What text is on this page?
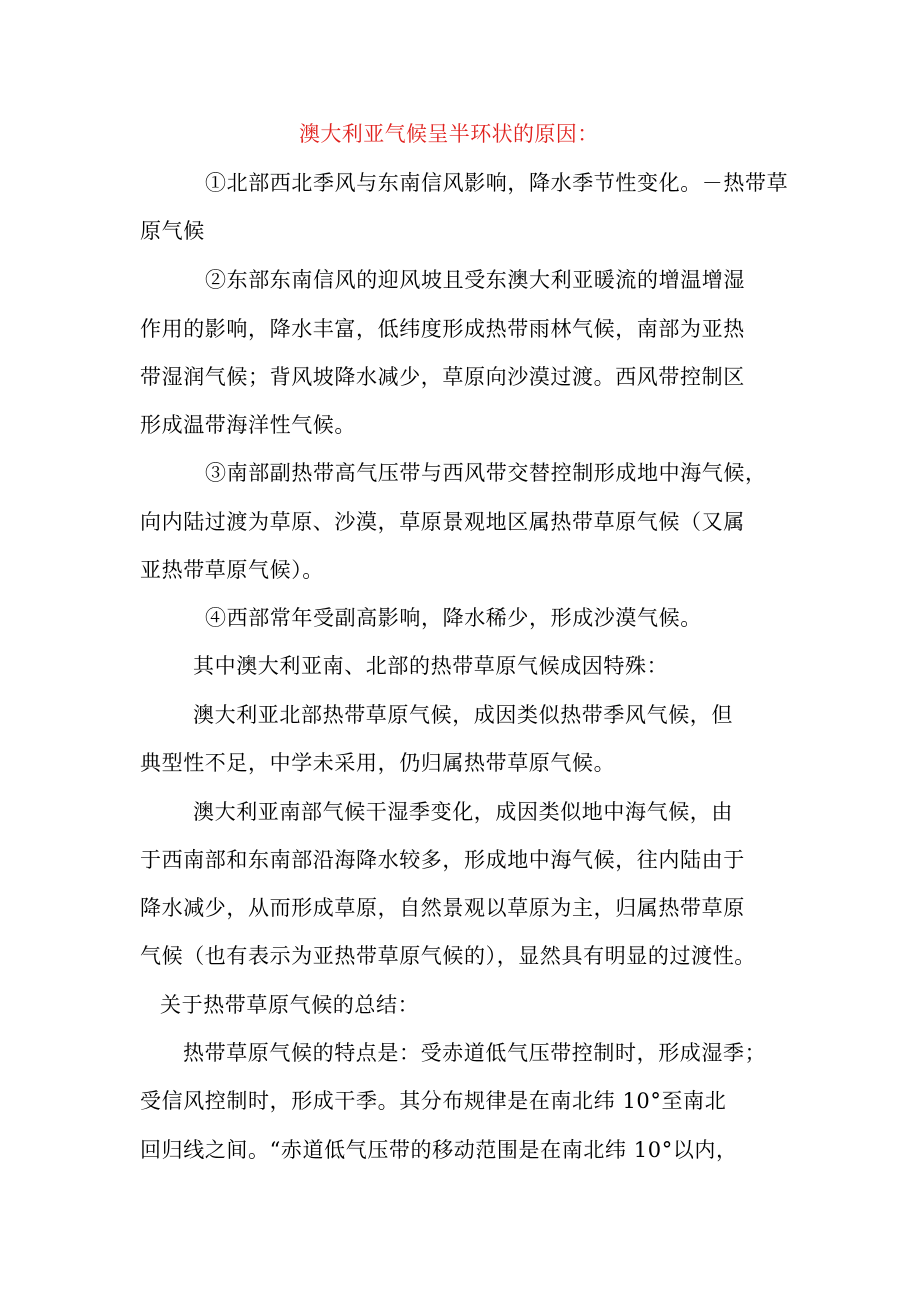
澳大利亚气候呈半环状的原因：
①北部西北季风与东南信风影响，降水季节性变化。－热带草
原气候
②东部东南信风的迎风坡且受东澳大利亚暖流的增温增湿
作用的影响，降水丰富，低纬度形成热带雨林气候，南部为亚热
带湿润气候；背风坡降水减少，草原向沙漠过渡。西风带控制区
形成温带海洋性气候。
③南部副热带高气压带与西风带交替控制形成地中海气候，
向内陆过渡为草原、沙漠，草原景观地区属热带草原气候（又属
亚热带草原气候）。
④西部常年受副高影响，降水稀少，形成沙漠气候。
其中澳大利亚南、北部的热带草原气候成因特殊：
澳大利亚北部热带草原气候，成因类似热带季风气候，但
典型性不足，中学未采用，仍归属热带草原气候。
澳大利亚南部气候干湿季变化，成因类似地中海气候，由
于西南部和东南部沿海降水较多，形成地中海气候，往内陆由于
降水减少，从而形成草原，自然景观以草原为主，归属热带草原
气候（也有表示为亚热带草原气候的），显然具有明显的过渡性。
关于热带草原气候的总结：
热带草原气候的特点是：受赤道低气压带控制时，形成湿季；
受信风控制时，形成干季。其分布规律是在南北纬 10°至南北
回归线之间。“赤道低气压带的移动范围是在南北纬 10°以内，
